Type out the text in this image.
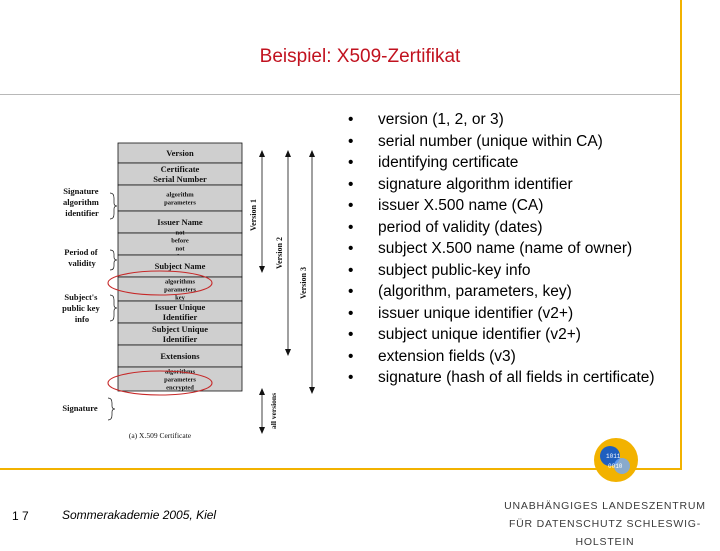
Beispiel: X509-Zertifikat
• version (1, 2, or 3)
• serial number (unique within CA)
• identifying certificate
• signature algorithm identifier
• issuer X.500 name (CA)
• period of validity (dates)
• subject X.500 name (name of owner)
• subject public-key info
• (algorithm, parameters, key)
• issuer unique identifier (v2+)
• subject unique identifier (v2+)
• extension fields (v3)
• signature (hash of all fields in certificate)
Version
Certificate Serial Number
algorithm parameters
Issuer Name
not before not
Subject Name
algorithms parameters key
Issuer Unique Identifier
Subject Unique Identifier
Extensions
algorithms parameters encrypted
Signature algorithm identifier
Period of validity
Subject's public key info
Signature
Version 1
Version 2
Version 3
all versions
(a) X.509 Certificate
1 7	Sommerakademie 2005, Kiel
1011
0010
UNABHÄNGIGES LANDESZENTRUM
FÜR DATENSCHUTZ SCHLESWIG-HOLSTEIN
